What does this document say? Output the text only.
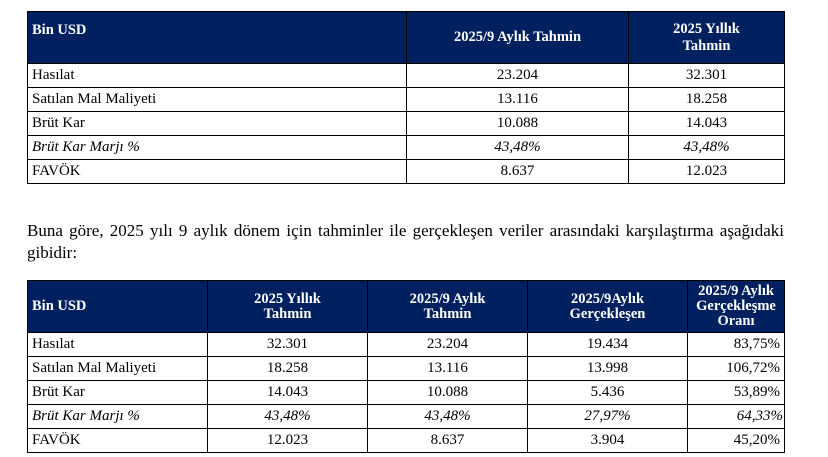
Bin USD	2025/9 Aylık Tahmin	2025 Yıllık Tahmin
Hasılat	23.204	32.301
Satılan Mal Maliyeti	13.116	18.258
Brüt Kar	10.088	14.043
Brüt Kar Marjı %	43,48%	43,48%
FAVÖK	8.637	12.023

Buna göre, 2025 yılı 9 aylık dönem için tahminler ile gerçekleşen veriler arasındaki karşılaştırma aşağıdaki gibidir:

Bin USD	2025 Yıllık Tahmin	2025/9 Aylık Tahmin	2025/9Aylık Gerçekleşen	2025/9 Aylık Gerçekleşme Oranı
Hasılat	32.301	23.204	19.434	83,75%
Satılan Mal Maliyeti	18.258	13.116	13.998	106,72%
Brüt Kar	14.043	10.088	5.436	53,89%
Brüt Kar Marjı %	43,48%	43,48%	27,97%	64,33%
FAVÖK	12.023	8.637	3.904	45,20%
